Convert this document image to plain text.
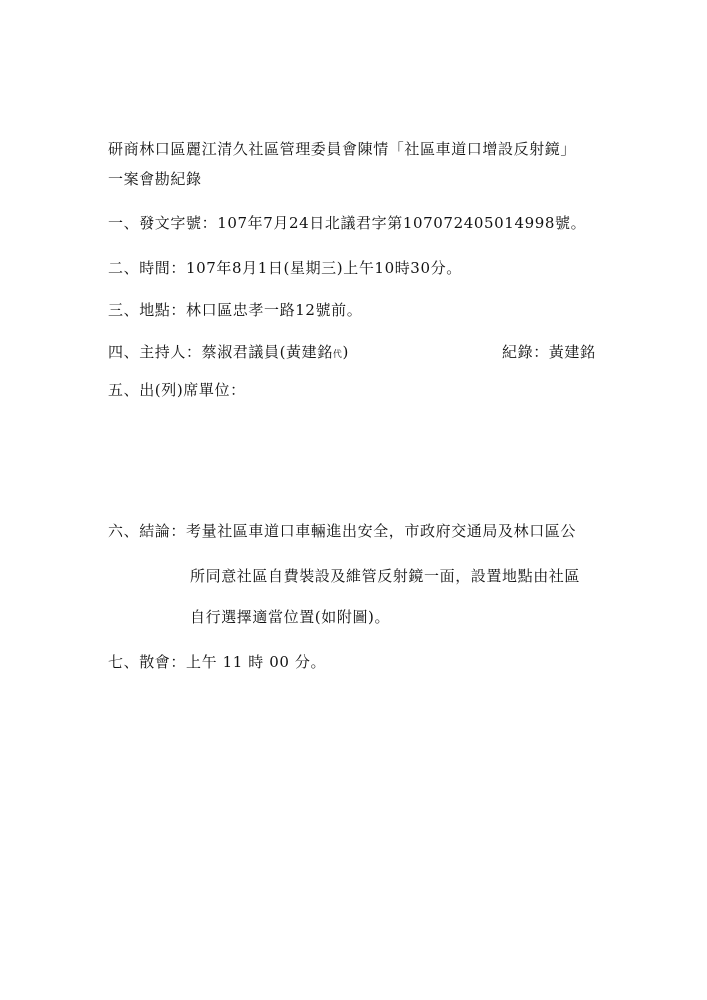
研商林口區麗江清久社區管理委員會陳情「社區車道口增設反射鏡」
一案會勘紀錄
一、發文字號：107年7月24日北議君字第107072405014998號。
二、時間：107年8月1日(星期三)上午10時30分。
三、地點：林口區忠孝一路12號前。
四、主持人：蔡淑君議員(黃建銘代)	紀錄：黃建銘
五、出(列)席單位：
六、結論：考量社區車道口車輛進出安全，市政府交通局及林口區公
所同意社區自費裝設及維管反射鏡一面，設置地點由社區
自行選擇適當位置(如附圖)。
七、散會：上午 11 時 00 分。
